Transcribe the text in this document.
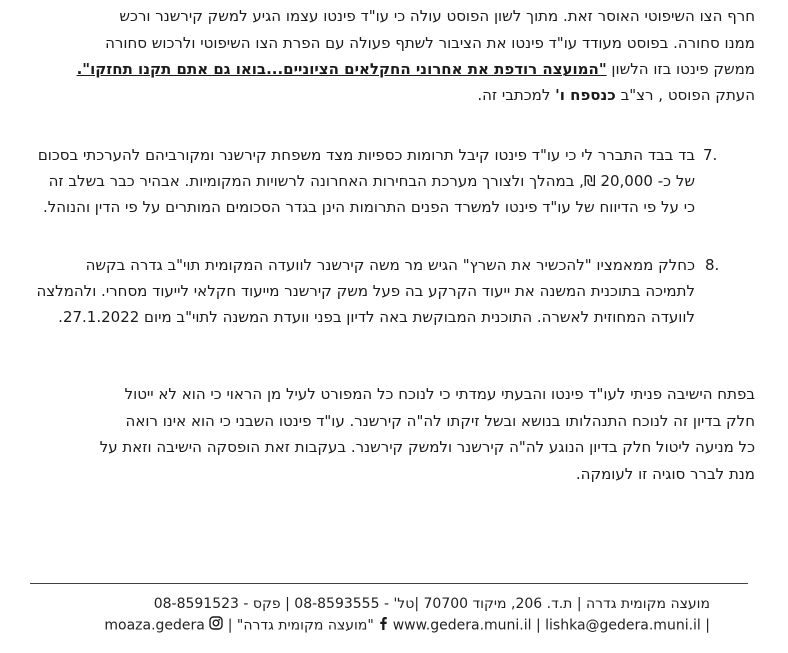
חרף הצו השיפוטי האוסר זאת. מתוך לשון הפוסט עולה כי עו"ד פינטו עצמו הגיע למשק קירשנר ורכש
ממנו סחורה. בפוסט מעודד עו"ד פינטו את הציבור לשתף פעולה עם הפרת הצו השיפוטי ולרכוש סחורה
ממשק פינטו בזו הלשון "המועצה רודפת את אחרוני החקלאים הציוניים...בואו גם אתם תקנו תחזקו".
העתק הפוסט , רצ"ב כנספח ו' למכתבי זה.
7.
בד בבד התברר לי כי עו"ד פינטו קיבל תרומות כספיות מצד משפחת קירשנר ומקורביהם להערכתי בסכום
של כ- 20,000 ₪, במהלך ולצורך מערכת הבחירות האחרונה לרשויות המקומיות. אבהיר כבר בשלב זה
כי על פי הדיווח של עו"ד פינטו למשרד הפנים התרומות הינן בגדר הסכומים המותרים על פי הדין והנוהל.
8.
כחלק ממאמציו "להכשיר את השרץ" הגיש מר משה קירשנר לוועדה המקומית תוי"ב גדרה בקשה
לתמיכה בתוכנית המשנה את ייעוד הקרקע בה פעל משק קירשנר מייעוד חקלאי לייעוד מסחרי. ולהמלצה
לוועדה המחוזית לאשרה. התוכנית המבוקשת באה לדיון בפני וועדת המשנה לתוי"ב מיום 27.1.2022.
בפתח הישיבה פניתי לעו"ד פינטו והבעתי עמדתי כי לנוכח כל המפורט לעיל מן הראוי כי הוא לא ייטול
חלק בדיון זה לנוכח התנהלותו בנושא ובשל זיקתו לה"ה קירשנר. עו"ד פינטו השבני כי הוא אינו רואה
כל מניעה ליטול חלק בדיון הנוגע לה"ה קירשנר ולמשק קירשנר. בעקבות זאת הופסקה הישיבה וזאת על
מנת לברר סוגיה זו לעומקה.
מועצה מקומית גדרה | ת.ד. 206, מיקוד 70700 |טל' - 08-8593555 | פקס - 08-8591523
| www.gedera.muni.il | lishka@gedera.muni.il  "מועצה מקומית גדרה" |  moaza.gedera
